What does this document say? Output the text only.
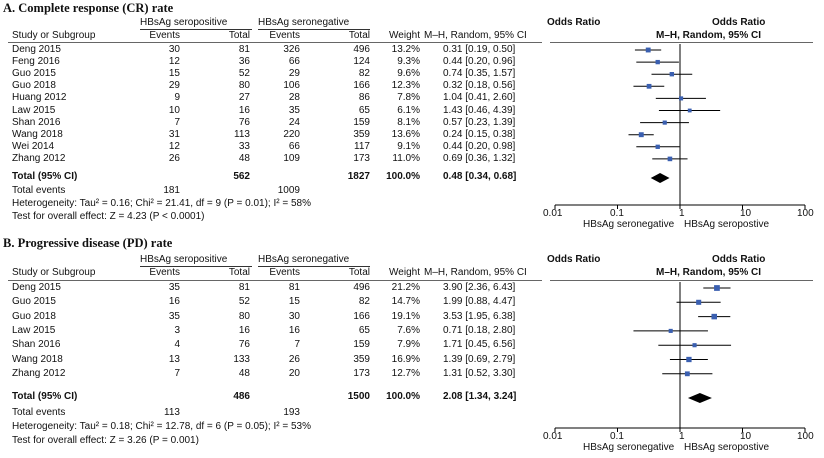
A. Complete response (CR) rate
HBsAg seropositive	HBsAg seronegative	Odds Ratio	Odds Ratio
Study or Subgroup	Events	Total	Events	Total	Weight M–H, Random, 95% CI	M–H, Random, 95% CI
Deng 2015	30	81	326	496	13.2% 0.31 [0.19, 0.50]
Feng 2016	12	36	66	124	9.3% 0.44 [0.20, 0.96]
Guo 2015	15	52	29	82	9.6% 0.74 [0.35, 1.57]
Guo 2018	29	80	106	166	12.3% 0.32 [0.18, 0.56]
Huang 2012	9	27	28	86	7.8% 1.04 [0.41, 2.60]
Law 2015	10	16	35	65	6.1% 1.43 [0.46, 4.39]
Shan 2016	7	76	24	159	8.1% 0.57 [0.23, 1.39]
Wang 2018	31	113	220	359	13.6% 0.24 [0.15, 0.38]
Wei 2014	12	33	66	117	9.1% 0.44 [0.20, 0.98]
Zhang 2012	26	48	109	173	11.0% 0.69 [0.36, 1.32]
Total (95% CI)	562	1827	100.0% 0.48 [0.34, 0.68]
Total events	181	1009
Heterogeneity: Tau² = 0.16; Chi² = 21.41, df = 9 (P = 0.01); I² = 58%
Test for overall effect: Z = 4.23 (P < 0.0001)	0.01	0.1	1	10	100
HBsAg seronegative HBsAg seropostive
B. Progressive disease (PD) rate
HBsAg seropositive	HBsAg seronegative	Odds Ratio	Odds Ratio
Study or Subgroup	Events	Total	Events	Total	Weight M–H, Random, 95% CI	M–H, Random, 95% CI
Deng 2015	35	81	81	496	21.2% 3.90 [2.36, 6.43]
Guo 2015	16	52	15	82	14.7% 1.99 [0.88, 4.47]
Guo 2018	35	80	30	166	19.1% 3.53 [1.95, 6.38]
Law 2015	3	16	16	65	7.6% 0.71 [0.18, 2.80]
Shan 2016	4	76	7	159	7.9% 1.71 [0.45, 6.56]
Wang 2018	13	133	26	359	16.9% 1.39 [0.69, 2.79]
Zhang 2012	7	48	20	173	12.7% 1.31 [0.52, 3.30]
Total (95% CI)	486	1500	100.0% 2.08 [1.34, 3.24]
Total events	113	193
Heterogeneity: Tau² = 0.18; Chi² = 12.78, df = 6 (P = 0.05); I² = 53%
Test for overall effect: Z = 3.26 (P = 0.001)	0.01	0.1	1	10	100
HBsAg seronegative HBsAg seropostive
